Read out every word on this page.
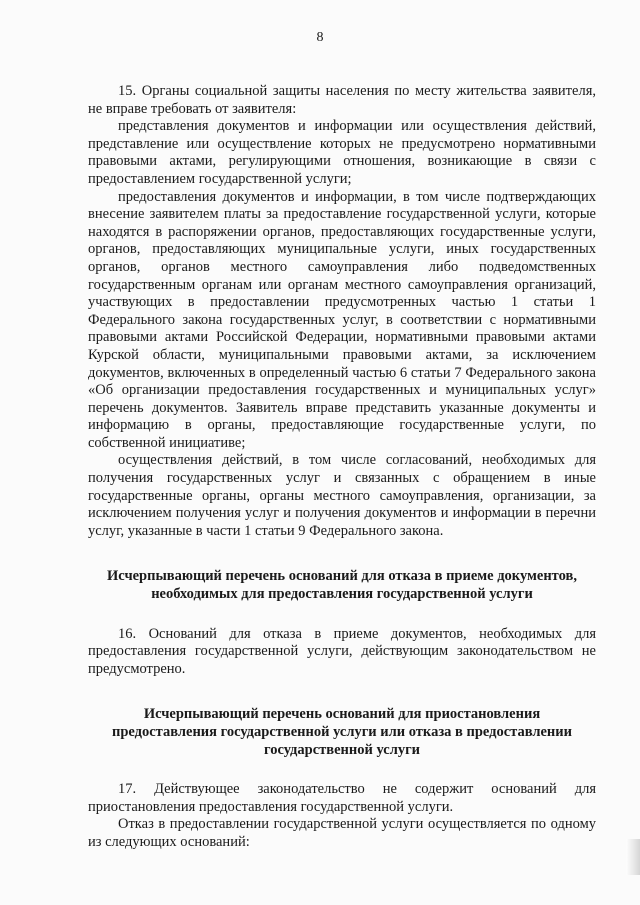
8

15. Органы социальной защиты населения по месту жительства заявителя, не вправе требовать от заявителя:

представления документов и информации или осуществления действий, представление или осуществление которых не предусмотрено нормативными правовыми актами, регулирующими отношения, возникающие в связи с предоставлением государственной услуги;

предоставления документов и информации, в том числе подтверждающих внесение заявителем платы за предоставление государственной услуги, которые находятся в распоряжении органов, предоставляющих государственные услуги, органов, предоставляющих муниципальные услуги, иных государственных органов, органов местного самоуправления либо подведомственных государственным органам или органам местного самоуправления организаций, участвующих в предоставлении предусмотренных частью 1 статьи 1 Федерального закона государственных услуг, в соответствии с нормативными правовыми актами Российской Федерации, нормативными правовыми актами Курской области, муниципальными правовыми актами, за исключением документов, включенных в определенный частью 6 статьи 7 Федерального закона «Об организации предоставления государственных и муниципальных услуг» перечень документов. Заявитель вправе представить указанные документы и информацию в органы, предоставляющие государственные услуги, по собственной инициативе;

осуществления действий, в том числе согласований, необходимых для получения государственных услуг и связанных с обращением в иные государственные органы, органы местного самоуправления, организации, за исключением получения услуг и получения документов и информации в перечни услуг, указанные в части 1 статьи 9 Федерального закона.

Исчерпывающий перечень оснований для отказа в приеме документов, необходимых для предоставления государственной услуги

16. Оснований для отказа в приеме документов, необходимых для предоставления государственной услуги, действующим законодательством не предусмотрено.

Исчерпывающий перечень оснований для приостановления предоставления государственной услуги или отказа в предоставлении государственной услуги

17. Действующее законодательство не содержит оснований для приостановления предоставления государственной услуги.

Отказ в предоставлении государственной услуги осуществляется по одному из следующих оснований:
